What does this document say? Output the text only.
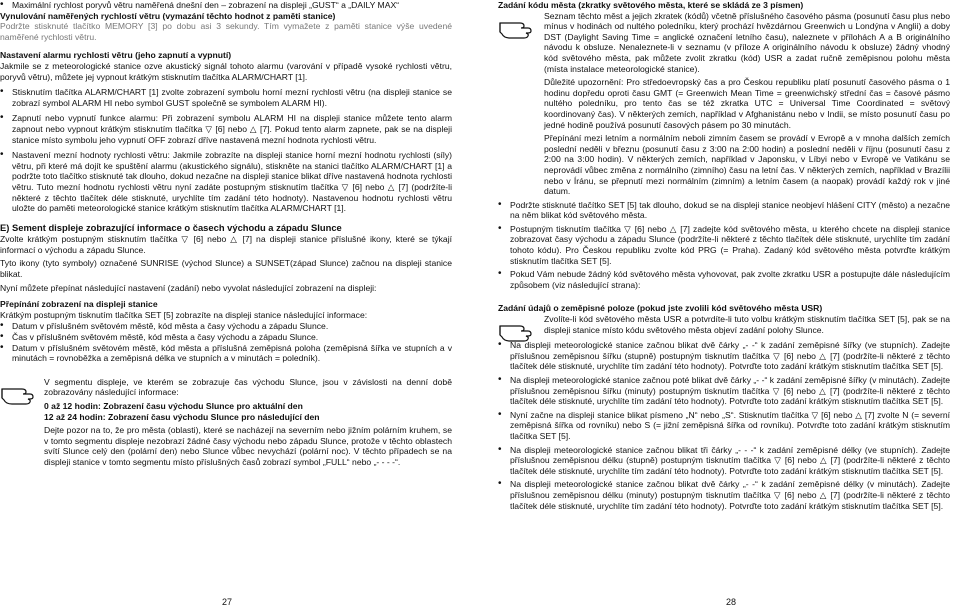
• Maximální rychlost poryvů větru naměřená dnešní den – zobrazení na displeji „GUST“ a „DAILY MAX“

Vynulování naměřených rychlostí větru (vymazání těchto hodnot z paměti stanice)

Podržte stisknuté tlačítko MEMORY [3] po dobu asi 3 sekundy. Tím vymažete z paměti stanice výše uvedené naměřené rychlosti větru.

Nastavení alarmu rychlosti větru (jeho zapnutí a vypnutí)

Jakmile se z meteorologické stanice ozve akustický signál tohoto alarmu (varování v případě vysoké rychlosti větru, poryvů větru), můžete jej vypnout krátkým stisknutím tlačítka ALARM/CHART [1].

• Stisknutím tlačítka ALARM/CHART [1] zvolte zobrazení symbolu horní mezní rychlosti větru (na displeji stanice se zobrazí symbol ALARM HI nebo symbol GUST společně se symbolem ALARM HI).

• Zapnutí nebo vypnutí funkce alarmu: Při zobrazení symbolu ALARM HI na displeji stanice můžete tento alarm zapnout nebo vypnout krátkým stisknutím tlačítka ▽ [6] nebo △ [7]. Pokud tento alarm zapnete, pak se na displeji stanice místo symbolu jeho vypnutí OFF zobrazí dříve nastavená mezní hodnota rychlosti větru.

• Nastavení mezní hodnoty rychlosti větru: Jakmile zobrazíte na displeji stanice horní mezní hodnotu rychlosti (síly) větru, při které má dojít ke spuštění alarmu (akustického signálu), stiskněte na stanici tlačítko ALARM/CHART [1] a podržte toto tlačítko stisknuté tak dlouho, dokud nezačne na displeji stanice blikat dříve nastavená hodnota rychlosti větru. Tuto mezní hodnotu rychlosti větru nyní zadáte postupným stisknutím tlačítka ▽ [6] nebo △ [7] (podržíte-li některé z těchto tlačítek déle stisknuté, urychlíte tím zadání této hodnoty). Nastavenou hodnotu rychlosti větru uložte do paměti meteorologické stanice krátkým stisknutím tlačítka ALARM/CHART [1].

E) Sement displeje zobrazující informace o časech východu a západu Slunce

Zvolte krátkým postupným stisknutím tlačítka ▽ [6] nebo △ [7] na displeji stanice příslušné ikony, které se týkají informací o východu a západu Slunce.

Tyto ikony (tyto symboly) označené SUNRISE (východ Slunce) a SUNSET(západ Slunce) začnou na displeji stanice blikat.

Nyní můžete přepínat následující nastavení (zadání) nebo vyvolat následující zobrazení na displeji:

Přepínání zobrazení na displeji stanice

Krátkým postupným tisknutím tlačítka SET [5] zobrazíte na displeji stanice následující informace:

• Datum v příslušném světovém městě, kód města a časy východu a západu Slunce.

• Čas v příslušném světovém městě, kód města a časy východu a západu Slunce.

• Datum v příslušném světovém městě, kód města a příslušná zeměpisná poloha (zeměpisná šířka ve stupních a v minutách = rovnoběžka a zeměpisná délka ve stupních a v minutách = poledník).

V segmentu displeje, ve kterém se zobrazuje čas východu Slunce, jsou v závislosti na denní době zobrazovány následující informace:

0 až 12 hodin: Zobrazení času východu Slunce pro aktuální den

12 až 24 hodin: Zobrazení času východu Slunce pro následující den

Dejte pozor na to, že pro města (oblasti), které se nacházejí na severním nebo jižním polárním kruhem, se v tomto segmentu displeje nezobrazí žádné časy východu nebo západu Slunce, protože v těchto oblastech svítí Slunce celý den (polární den) nebo Slunce vůbec nevychází (polární noc). V těchto případech se na displeji stanice v tomto segmentu místo příslušných časů zobrazí symbol „FULL“ nebo „- - - -“.

27

Zadání kódu města (zkratky světového města, které se skládá ze 3 písmen)

Seznam těchto měst a jejich zkratek (kódů) včetně příslušného časového pásma (posunutí času plus nebo mínus v hodinách od nultého poledníku, který prochází hvězdárnou Greenwich u Londýna v Anglii) a doby DST (Daylight Saving Time = anglické označení letního času), naleznete v přílohách A a B originálního návodu k obsluze. Nenaleznete-li v seznamu (v příloze A originálního návodu k obsluze) žádný vhodný kód světového města, pak můžete zvolit zkratku (kód) USR a zadat ručně zeměpisnou polohu města (místa instalace meteorologické stanice).

Důležité upozornění: Pro středoevropský čas a pro Českou republiku platí posunutí časového pásma o 1 hodinu dopředu oproti času GMT (= Greenwich Mean Time = greenwichský střední čas = časové pásmo nultého poledníku, pro tento čas se též zkratka UTC = Universal Time Coordinated = světový koordinovaný čas). V některých zemích, například v Afghanistánu nebo v Indii, se místo posunutí času po jedné hodině používá posunutí časových pásem po 30 minutách.

Přepínání mezi letním a normálním neboli zimním časem se provádí v Evropě a v mnoha dalších zemích poslední neděli v březnu (posunutí času z 3:00 na 2:00 hodin) a poslední neděli v říjnu (posunutí času z 2:00 na 3:00 hodin). V některých zemích, například v Japonsku, v Líbyi nebo v Evropě ve Vatikánu se neprovádí vůbec změna z normálního (zimního) času na letní čas. V některých zemích, například v Brazílii nebo v Íránu, se přepnutí mezi normálním (zimním) a letním časem (a naopak) provádí každý rok v jiné datum.

• Podržte stisknuté tlačítko SET [5] tak dlouho, dokud se na displeji stanice neobjeví hlášení CITY (město) a nezačne na něm blikat kód světového města.

• Postupným tisknutím tlačítka ▽ [6] nebo △ [7] zadejte kód světového města, u kterého chcete na displeji stanice zobrazovat časy východu a západu Slunce (podržíte-li některé z těchto tlačítek déle stisknuté, urychlíte tím zadání tohoto kódu). Pro Českou republiku zvolte kód PRG (= Praha). Zadaný kód světového města potvrďte krátkým stisknutím tlačítka SET [5].

• Pokud Vám nebude žádný kód světového města vyhovovat, pak zvolte zkratku USR a postupujte dále následujícím způsobem (viz následující strana):

Zadání údajů o zeměpisné poloze (pokud jste zvolili kód světového města USR)

Zvolíte-li kód světového města USR a potvrdíte-li tuto volbu krátkým stisknutím tlačítka SET [5], pak se na displeji stanice místo kódu světového města objeví zadání polohy Slunce.

• Na displeji meteorologické stanice začnou blikat dvě čárky „- -“ k zadání zeměpisné šířky (ve stupních). Zadejte příslušnou zeměpisnou šířku (stupně) postupným tisknutím tlačítka ▽ [6] nebo △ [7] (podržíte-li některé z těchto tlačítek déle stisknuté, urychlíte tím zadání této hodnoty). Potvrďte toto zadání krátkým stisknutím tlačítka SET [5].

• Na displeji meteorologické stanice začnou poté blikat dvě čárky „- -“ k zadání zeměpisné šířky (v minutách). Zadejte příslušnou zeměpisnou šířku (minuty) postupným tisknutím tlačítka ▽ [6] nebo △ [7] (podržíte-li některé z těchto tlačítek déle stisknuté, urychlíte tím zadání této hodnoty). Potvrďte toto zadání krátkým stisknutím tlačítka SET [5].

• Nyní začne na displeji stanice blikat písmeno „N“ nebo „S“. Stisknutím tlačítka ▽ [6] nebo △ [7] zvolte N (= severní zeměpisná šířka od rovníku) nebo S (= jižní zeměpisná šířka od rovníku). Potvrďte toto zadání krátkým stisknutím tlačítka SET [5].

• Na displeji meteorologické stanice začnou blikat tři čárky „- - -“ k zadání zeměpisné délky (ve stupních). Zadejte příslušnou zeměpisnou délku (stupně) postupným tisknutím tlačítka ▽ [6] nebo △ [7] (podržíte-li některé z těchto tlačítek déle stisknuté, urychlíte tím zadání této hodnoty). Potvrďte toto zadání krátkým stisknutím tlačítka SET [5].

• Na displeji meteorologické stanice začnou blikat dvě čárky „- -“ k zadání zeměpisné délky (v minutách). Zadejte příslušnou zeměpisnou délku (minuty) postupným tisknutím tlačítka ▽ [6] nebo △ [7] (podržíte-li některé z těchto tlačítek déle stisknuté, urychlíte tím zadání této hodnoty). Potvrďte toto zadání krátkým stisknutím tlačítka SET [5].

28
